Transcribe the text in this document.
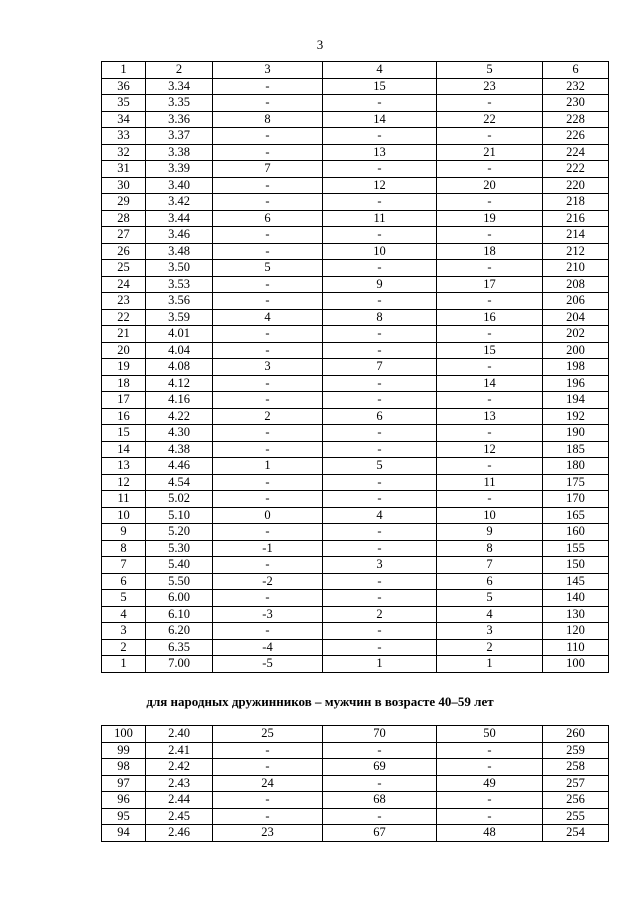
3
1	2	3	4	5	6
36	3.34	-	15	23	232
35	3.35	-	-	-	230
34	3.36	8	14	22	228
33	3.37	-	-	-	226
32	3.38	-	13	21	224
31	3.39	7	-	-	222
30	3.40	-	12	20	220
29	3.42	-	-	-	218
28	3.44	6	11	19	216
27	3.46	-	-	-	214
26	3.48	-	10	18	212
25	3.50	5	-	-	210
24	3.53	-	9	17	208
23	3.56	-	-	-	206
22	3.59	4	8	16	204
21	4.01	-	-	-	202
20	4.04	-	-	15	200
19	4.08	3	7	-	198
18	4.12	-	-	14	196
17	4.16	-	-	-	194
16	4.22	2	6	13	192
15	4.30	-	-	-	190
14	4.38	-	-	12	185
13	4.46	1	5	-	180
12	4.54	-	-	11	175
11	5.02	-	-	-	170
10	5.10	0	4	10	165
9	5.20	-	-	9	160
8	5.30	-1	-	8	155
7	5.40	-	3	7	150
6	5.50	-2	-	6	145
5	6.00	-	-	5	140
4	6.10	-3	2	4	130
3	6.20	-	-	3	120
2	6.35	-4	-	2	110
1	7.00	-5	1	1	100
для народных дружинников – мужчин в возрасте 40–59 лет
100	2.40	25	70	50	260
99	2.41	-	-	-	259
98	2.42	-	69	-	258
97	2.43	24	-	49	257
96	2.44	-	68	-	256
95	2.45	-	-	-	255
94	2.46	23	67	48	254
